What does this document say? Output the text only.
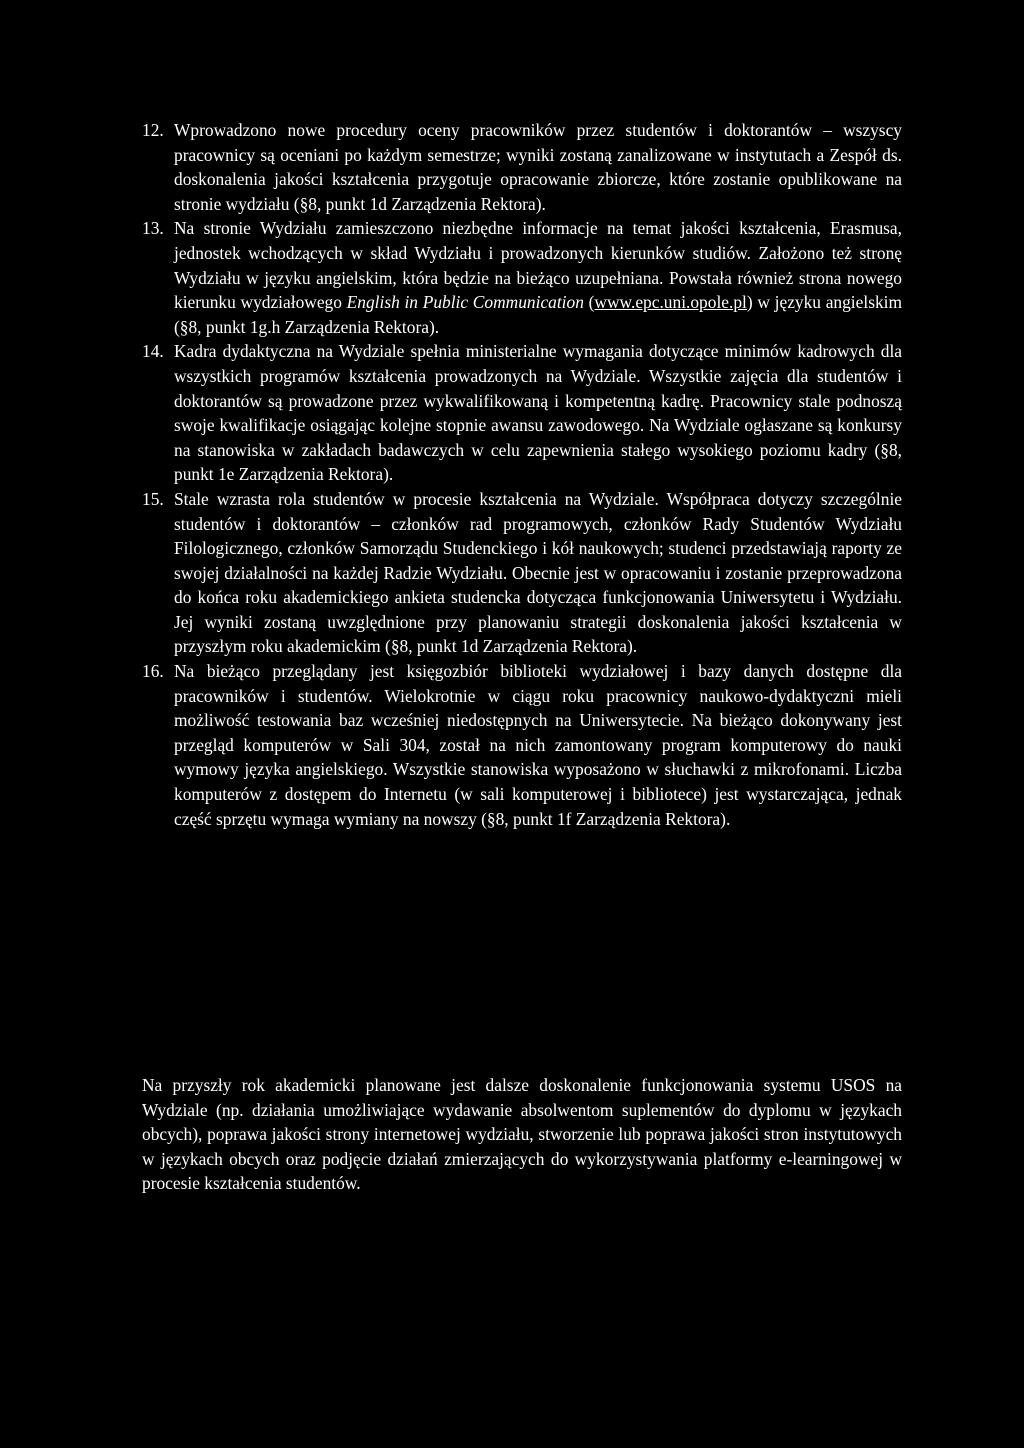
12. Wprowadzono nowe procedury oceny pracowników przez studentów i doktorantów – wszyscy pracownicy są oceniani po każdym semestrze; wyniki zostaną zanalizowane w instytutach a Zespół ds. doskonalenia jakości kształcenia przygotuje opracowanie zbiorcze, które zostanie opublikowane na stronie wydziału (§8, punkt 1d Zarządzenia Rektora).
13. Na stronie Wydziału zamieszczono niezbędne informacje na temat jakości kształcenia, Erasmusa, jednostek wchodzących w skład Wydziału i prowadzonych kierunków studiów. Założono też stronę Wydziału w języku angielskim, która będzie na bieżąco uzupełniana. Powstała również strona nowego kierunku wydziałowego English in Public Communication (www.epc.uni.opole.pl) w języku angielskim (§8, punkt 1g.h Zarządzenia Rektora).
14. Kadra dydaktyczna na Wydziale spełnia ministerialne wymagania dotyczące minimów kadrowych dla wszystkich programów kształcenia prowadzonych na Wydziale. Wszystkie zajęcia dla studentów i doktorantów są prowadzone przez wykwalifikowaną i kompetentną kadrę. Pracownicy stale podnoszą swoje kwalifikacje osiągając kolejne stopnie awansu zawodowego. Na Wydziale ogłaszane są konkursy na stanowiska w zakładach badawczych w celu zapewnienia stałego wysokiego poziomu kadry (§8, punkt 1e Zarządzenia Rektora).
15. Stale wzrasta rola studentów w procesie kształcenia na Wydziale. Współpraca dotyczy szczególnie studentów i doktorantów – członków rad programowych, członków Rady Studentów Wydziału Filologicznego, członków Samorządu Studenckiego i kół naukowych; studenci przedstawiają raporty ze swojej działalności na każdej Radzie Wydziału. Obecnie jest w opracowaniu i zostanie przeprowadzona do końca roku akademickiego ankieta studencka dotycząca funkcjonowania Uniwersytetu i Wydziału. Jej wyniki zostaną uwzględnione przy planowaniu strategii doskonalenia jakości kształcenia w przyszłym roku akademickim (§8, punkt 1d Zarządzenia Rektora).
16. Na bieżąco przeglądany jest księgozbiór biblioteki wydziałowej i bazy danych dostępne dla pracowników i studentów. Wielokrotnie w ciągu roku pracownicy naukowo-dydaktyczni mieli możliwość testowania baz wcześniej niedostępnych na Uniwersytecie. Na bieżąco dokonywany jest przegląd komputerów w Sali 304, został na nich zamontowany program komputerowy do nauki wymowy języka angielskiego. Wszystkie stanowiska wyposażono w słuchawki z mikrofonami. Liczba komputerów z dostępem do Internetu (w sali komputerowej i bibliotece) jest wystarczająca, jednak część sprzętu wymaga wymiany na nowszy (§8, punkt 1f Zarządzenia Rektora).

Na przyszły rok akademicki planowane jest dalsze doskonalenie funkcjonowania systemu USOS na Wydziale (np. działania umożliwiające wydawanie absolwentom suplementów do dyplomu w językach obcych), poprawa jakości strony internetowej wydziału, stworzenie lub poprawa jakości stron instytutowych w językach obcych oraz podjęcie działań zmierzających do wykorzystywania platformy e-learningowej w procesie kształcenia studentów.
